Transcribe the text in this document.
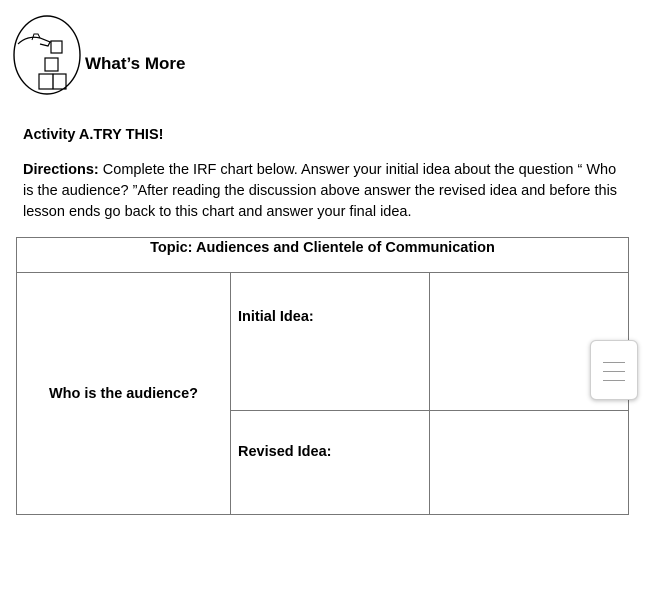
What’s More
Activity A.TRY THIS!
Directions: Complete the IRF chart below. Answer your initial idea about the question “ Who is the audience? ”After reading the discussion above answer the revised idea and before this lesson ends go back to this chart and answer your final idea.
Topic: Audiences and Clientele of Communication		
Who is the audience?	Initial Idea:	
	Revised Idea:	
